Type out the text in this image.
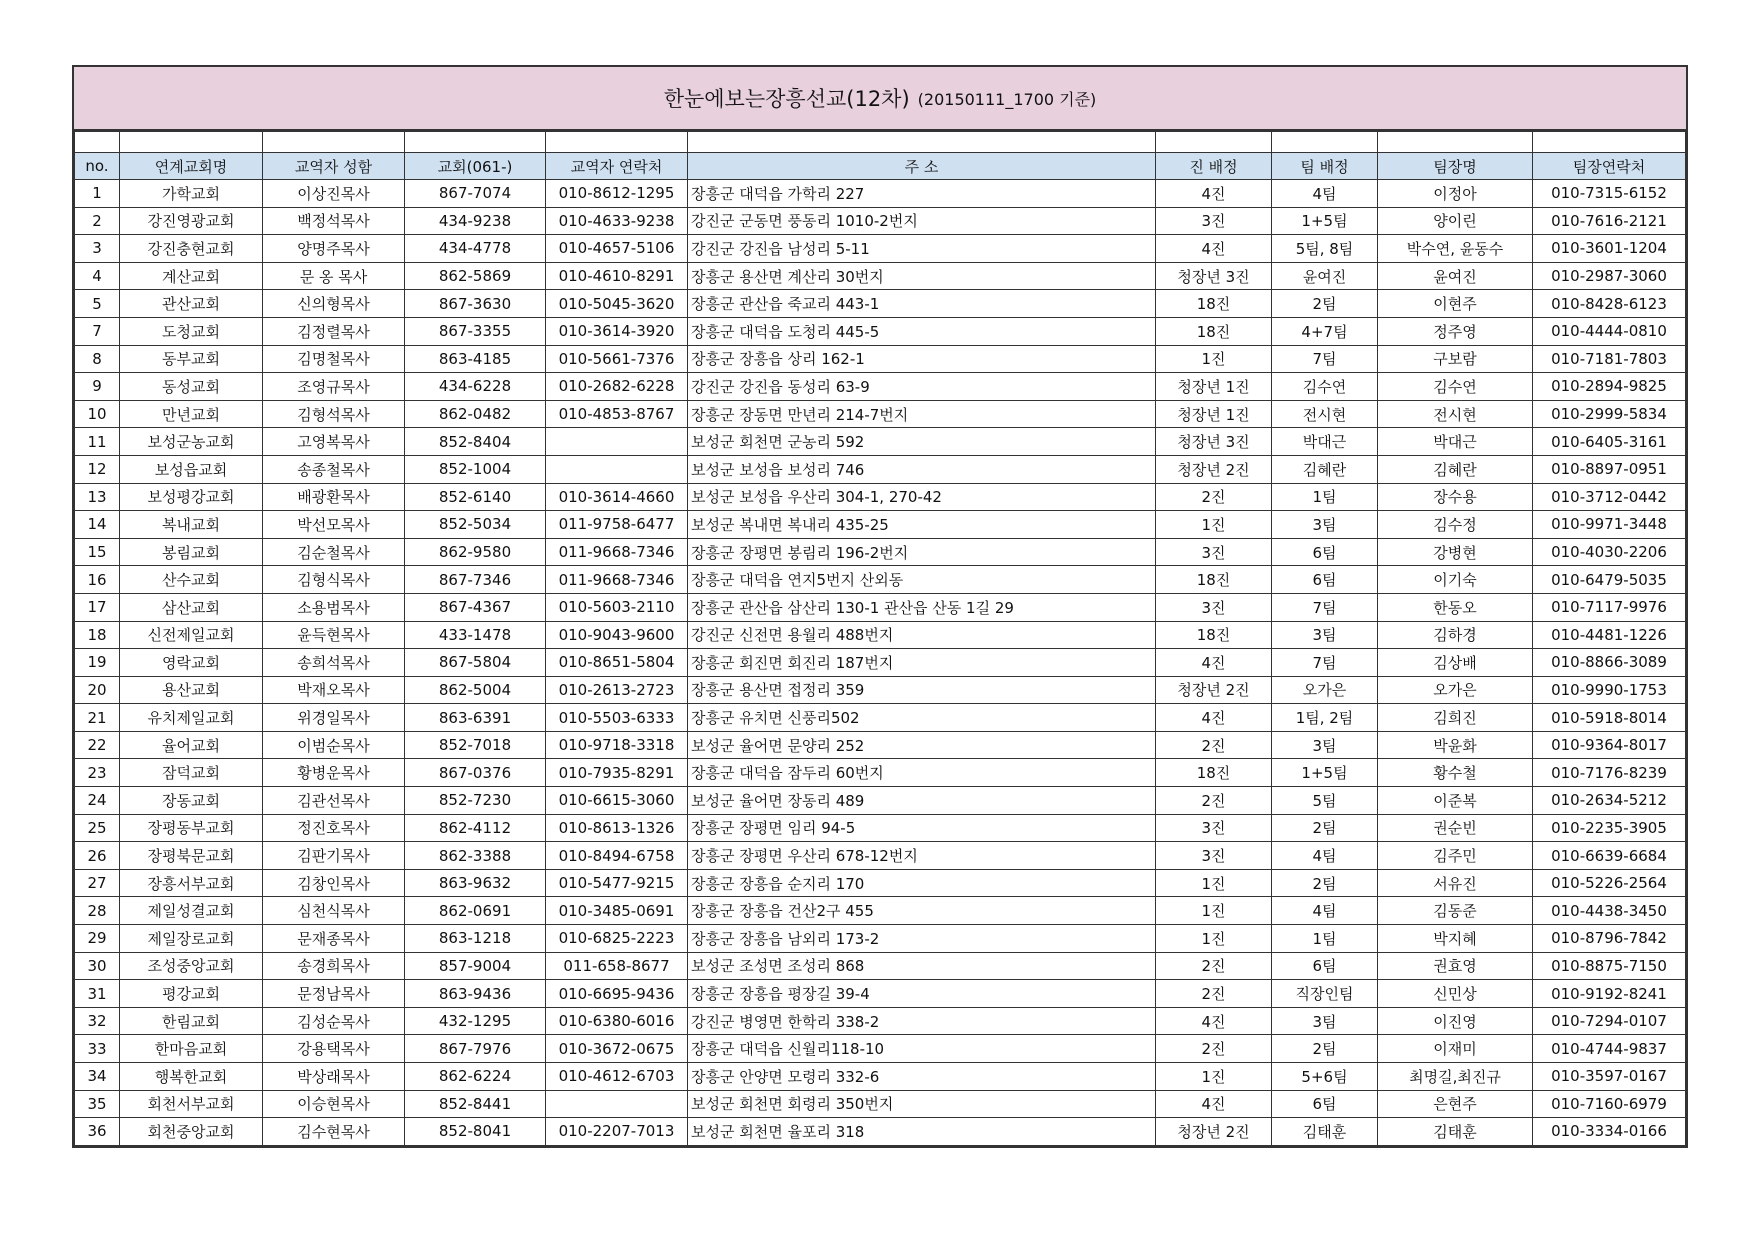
한눈에보는장흥선교(12차) (20150111_1700 기준)

no.	연계교회명	교역자 성함	교회(061-)	교역자 연락처	주 소	진 배정	팀 배정	팀장명	팀장연락처
1	가학교회	이상진목사	867-7074	010-8612-1295	장흥군 대덕읍 가학리 227	4진	4팀	이정아	010-7315-6152
2	강진영광교회	백정석목사	434-9238	010-4633-9238	강진군 군동면 풍동리 1010-2번지	3진	1+5팀	양이린	010-7616-2121
3	강진충현교회	양명주목사	434-4778	010-4657-5106	강진군 강진읍 남성리 5-11	4진	5팀, 8팀	박수연, 윤동수	010-3601-1204
4	계산교회	문 옹 목사	862-5869	010-4610-8291	장흥군 용산면 계산리 30번지	청장년 3진	윤여진	윤여진	010-2987-3060
5	관산교회	신의형목사	867-3630	010-5045-3620	장흥군 관산읍 죽교리 443-1	18진	2팀	이현주	010-8428-6123
7	도청교회	김정렬목사	867-3355	010-3614-3920	장흥군 대덕읍 도청리 445-5	18진	4+7팀	정주영	010-4444-0810
8	동부교회	김명철목사	863-4185	010-5661-7376	장흥군 장흥읍 상리 162-1	1진	7팀	구보람	010-7181-7803
9	동성교회	조영규목사	434-6228	010-2682-6228	강진군 강진읍 동성리 63-9	청장년 1진	김수연	김수연	010-2894-9825
10	만년교회	김형석목사	862-0482	010-4853-8767	장흥군 장동면 만년리 214-7번지	청장년 1진	전시현	전시현	010-2999-5834
11	보성군농교회	고영복목사	852-8404		보성군 회천면 군농리 592	청장년 3진	박대근	박대근	010-6405-3161
12	보성읍교회	송종철목사	852-1004		보성군 보성읍 보성리 746	청장년 2진	김혜란	김혜란	010-8897-0951
13	보성평강교회	배광환목사	852-6140	010-3614-4660	보성군 보성읍 우산리 304-1, 270-42	2진	1팀	장수용	010-3712-0442
14	복내교회	박선모목사	852-5034	011-9758-6477	보성군 복내면 복내리 435-25	1진	3팀	김수정	010-9971-3448
15	봉림교회	김순철목사	862-9580	011-9668-7346	장흥군 장평면 봉림리 196-2번지	3진	6팀	강병현	010-4030-2206
16	산수교회	김형식목사	867-7346	011-9668-7346	장흥군 대덕읍 연지5번지 산외동	18진	6팀	이기숙	010-6479-5035
17	삼산교회	소용범목사	867-4367	010-5603-2110	장흥군 관산읍 삼산리 130-1 관산읍 산동 1길 29	3진	7팀	한동오	010-7117-9976
18	신전제일교회	윤득현목사	433-1478	010-9043-9600	강진군 신전면 용월리 488번지	18진	3팀	김하경	010-4481-1226
19	영락교회	송희석목사	867-5804	010-8651-5804	장흥군 회진면 회진리 187번지	4진	7팀	김상배	010-8866-3089
20	용산교회	박재오목사	862-5004	010-2613-2723	장흥군 용산면 접정리 359	청장년 2진	오가은	오가은	010-9990-1753
21	유치제일교회	위경일목사	863-6391	010-5503-6333	장흥군 유치면 신풍리502	4진	1팀, 2팀	김희진	010-5918-8014
22	율어교회	이범순목사	852-7018	010-9718-3318	보성군 율어면 문양리 252	2진	3팀	박윤화	010-9364-8017
23	잠덕교회	황병운목사	867-0376	010-7935-8291	장흥군 대덕읍 잠두리 60번지	18진	1+5팀	황수철	010-7176-8239
24	장동교회	김관선목사	852-7230	010-6615-3060	보성군 율어면 장동리 489	2진	5팀	이준복	010-2634-5212
25	장평동부교회	정진호목사	862-4112	010-8613-1326	장흥군 장평면 임리 94-5	3진	2팀	권순빈	010-2235-3905
26	장평북문교회	김판기목사	862-3388	010-8494-6758	장흥군 장평면 우산리 678-12번지	3진	4팀	김주민	010-6639-6684
27	장흥서부교회	김창인목사	863-9632	010-5477-9215	장흥군 장흥읍 순지리 170	1진	2팀	서유진	010-5226-2564
28	제일성결교회	심천식목사	862-0691	010-3485-0691	장흥군 장흥읍 건산2구 455	1진	4팀	김동준	010-4438-3450
29	제일장로교회	문재종목사	863-1218	010-6825-2223	장흥군 장흥읍 남외리 173-2	1진	1팀	박지혜	010-8796-7842
30	조성중앙교회	송경희목사	857-9004	011-658-8677	보성군 조성면 조성리 868	2진	6팀	권효영	010-8875-7150
31	평강교회	문정남목사	863-9436	010-6695-9436	장흥군 장흥읍 평장길 39-4	2진	직장인팀	신민상	010-9192-8241
32	한림교회	김성순목사	432-1295	010-6380-6016	강진군 병영면 한학리 338-2	4진	3팀	이진영	010-7294-0107
33	한마음교회	강용택목사	867-7976	010-3672-0675	장흥군 대덕읍 신월리118-10	2진	2팀	이재미	010-4744-9837
34	행복한교회	박상래목사	862-6224	010-4612-6703	장흥군 안양면 모령리 332-6	1진	5+6팀	최명길,최진규	010-3597-0167
35	회천서부교회	이승현목사	852-8441		보성군 회천면 회령리 350번지	4진	6팀	은현주	010-7160-6979
36	회천중앙교회	김수현목사	852-8041	010-2207-7013	보성군 회천면 율포리 318	청장년 2진	김태훈	김태훈	010-3334-0166
